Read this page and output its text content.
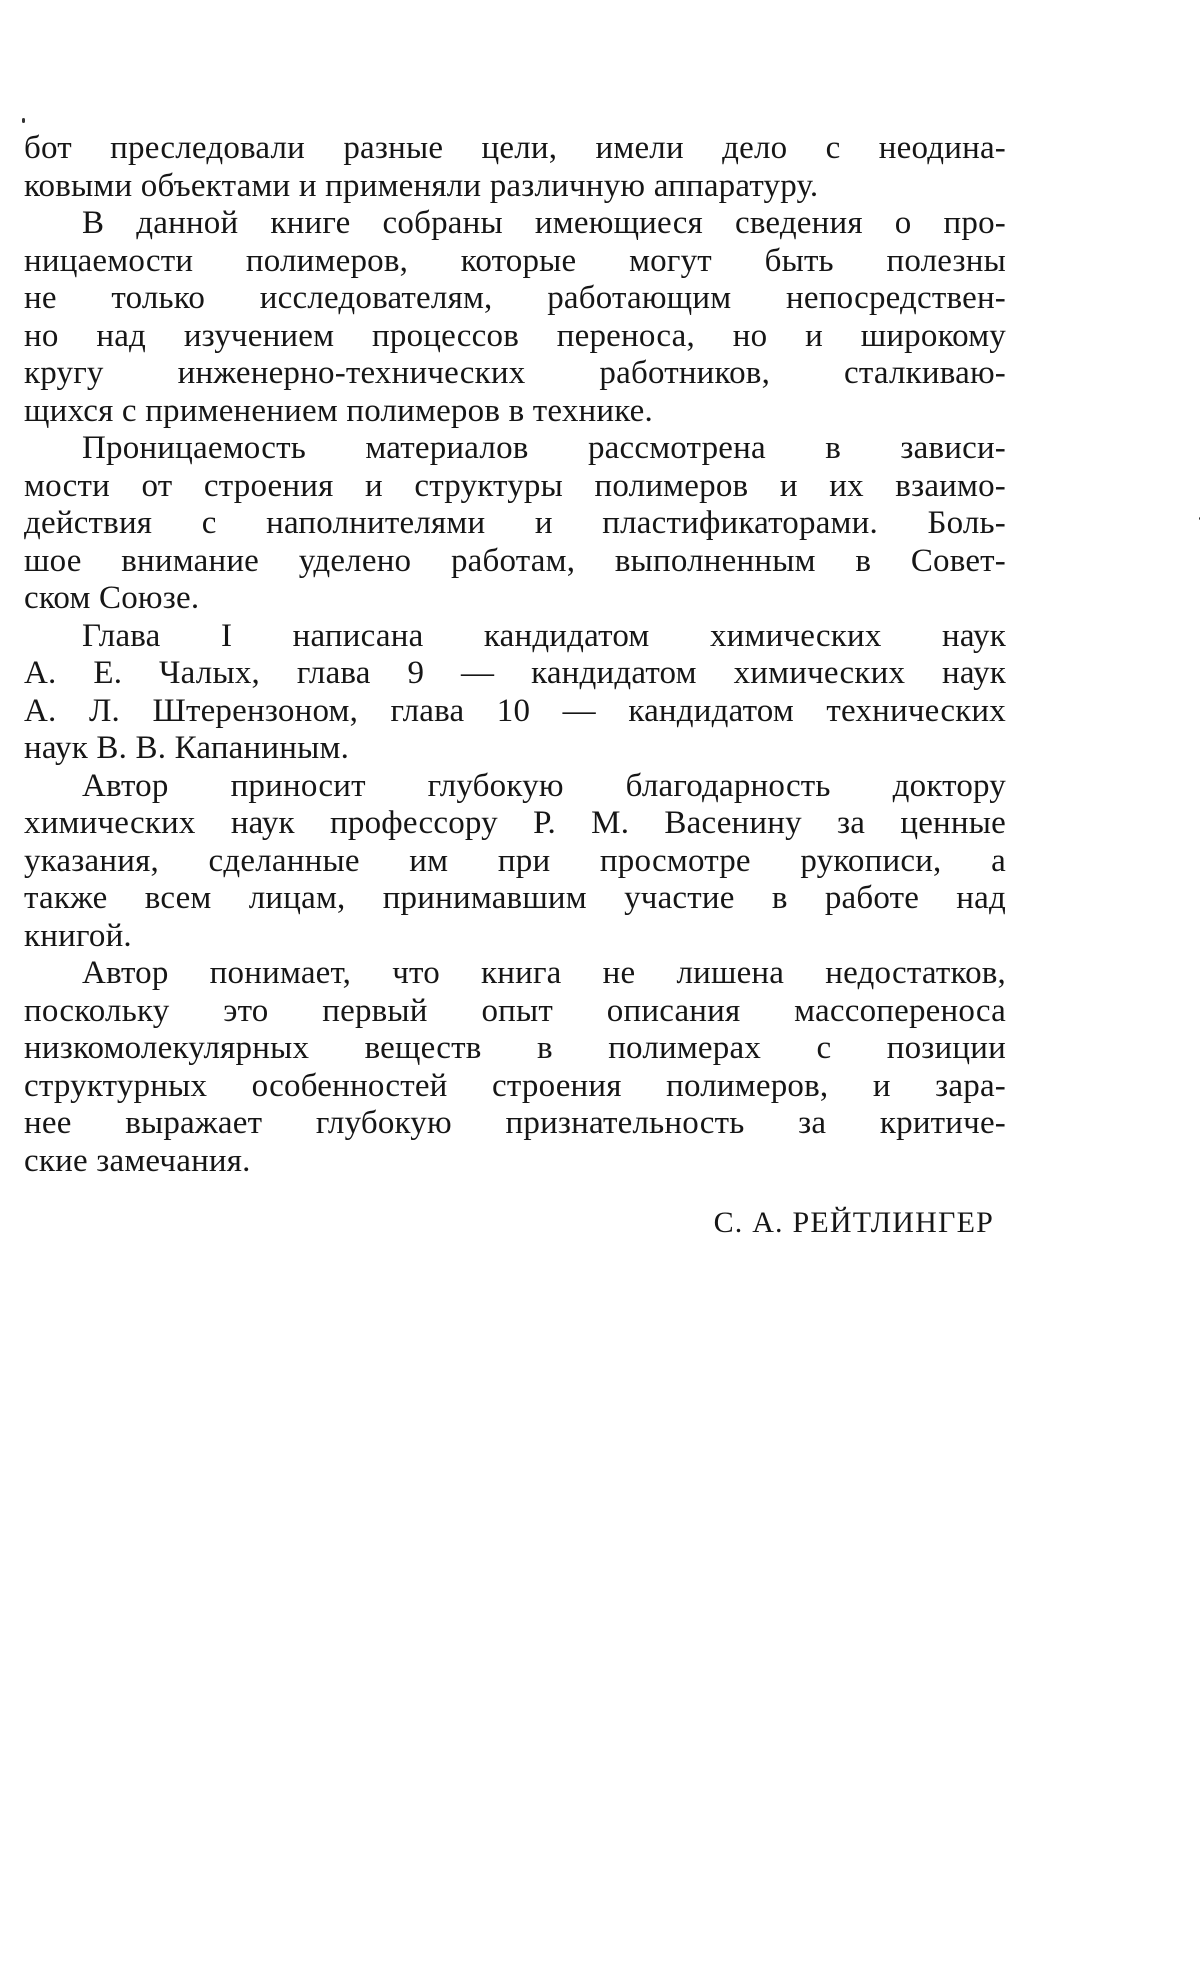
бот преследовали разные цели, имели дело с неодина-
ковыми объектами и применяли различную аппаратуру.
В данной книге собраны имеющиеся сведения о про-
ницаемости полимеров, которые могут быть полезны
не только исследователям, работающим непосредствен-
но над изучением процессов переноса, но и широкому
кругу инженерно-технических работников, сталкиваю-
щихся с применением полимеров в технике.
Проницаемость материалов рассмотрена в зависи-
мости от строения и структуры полимеров и их взаимо-
действия с наполнителями и пластификаторами. Боль-
шое внимание уделено работам, выполненным в Совет-
ском Союзе.
Глава I написана кандидатом химических наук
А. Е. Чалых, глава 9 — кандидатом химических наук
А. Л. Штерензоном, глава 10 — кандидатом технических
наук В. В. Капаниным.
Автор приносит глубокую благодарность доктору
химических наук профессору Р. М. Васенину за ценные
указания, сделанные им при просмотре рукописи, а
также всем лицам, принимавшим участие в работе над
книгой.
Автор понимает, что книга не лишена недостатков,
поскольку это первый опыт описания массопереноса
низкомолекулярных веществ в полимерах с позиции
структурных особенностей строения полимеров, и зара-
нее выражает глубокую признательность за критиче-
ские замечания.
С. А. РЕЙТЛИНГЕР
